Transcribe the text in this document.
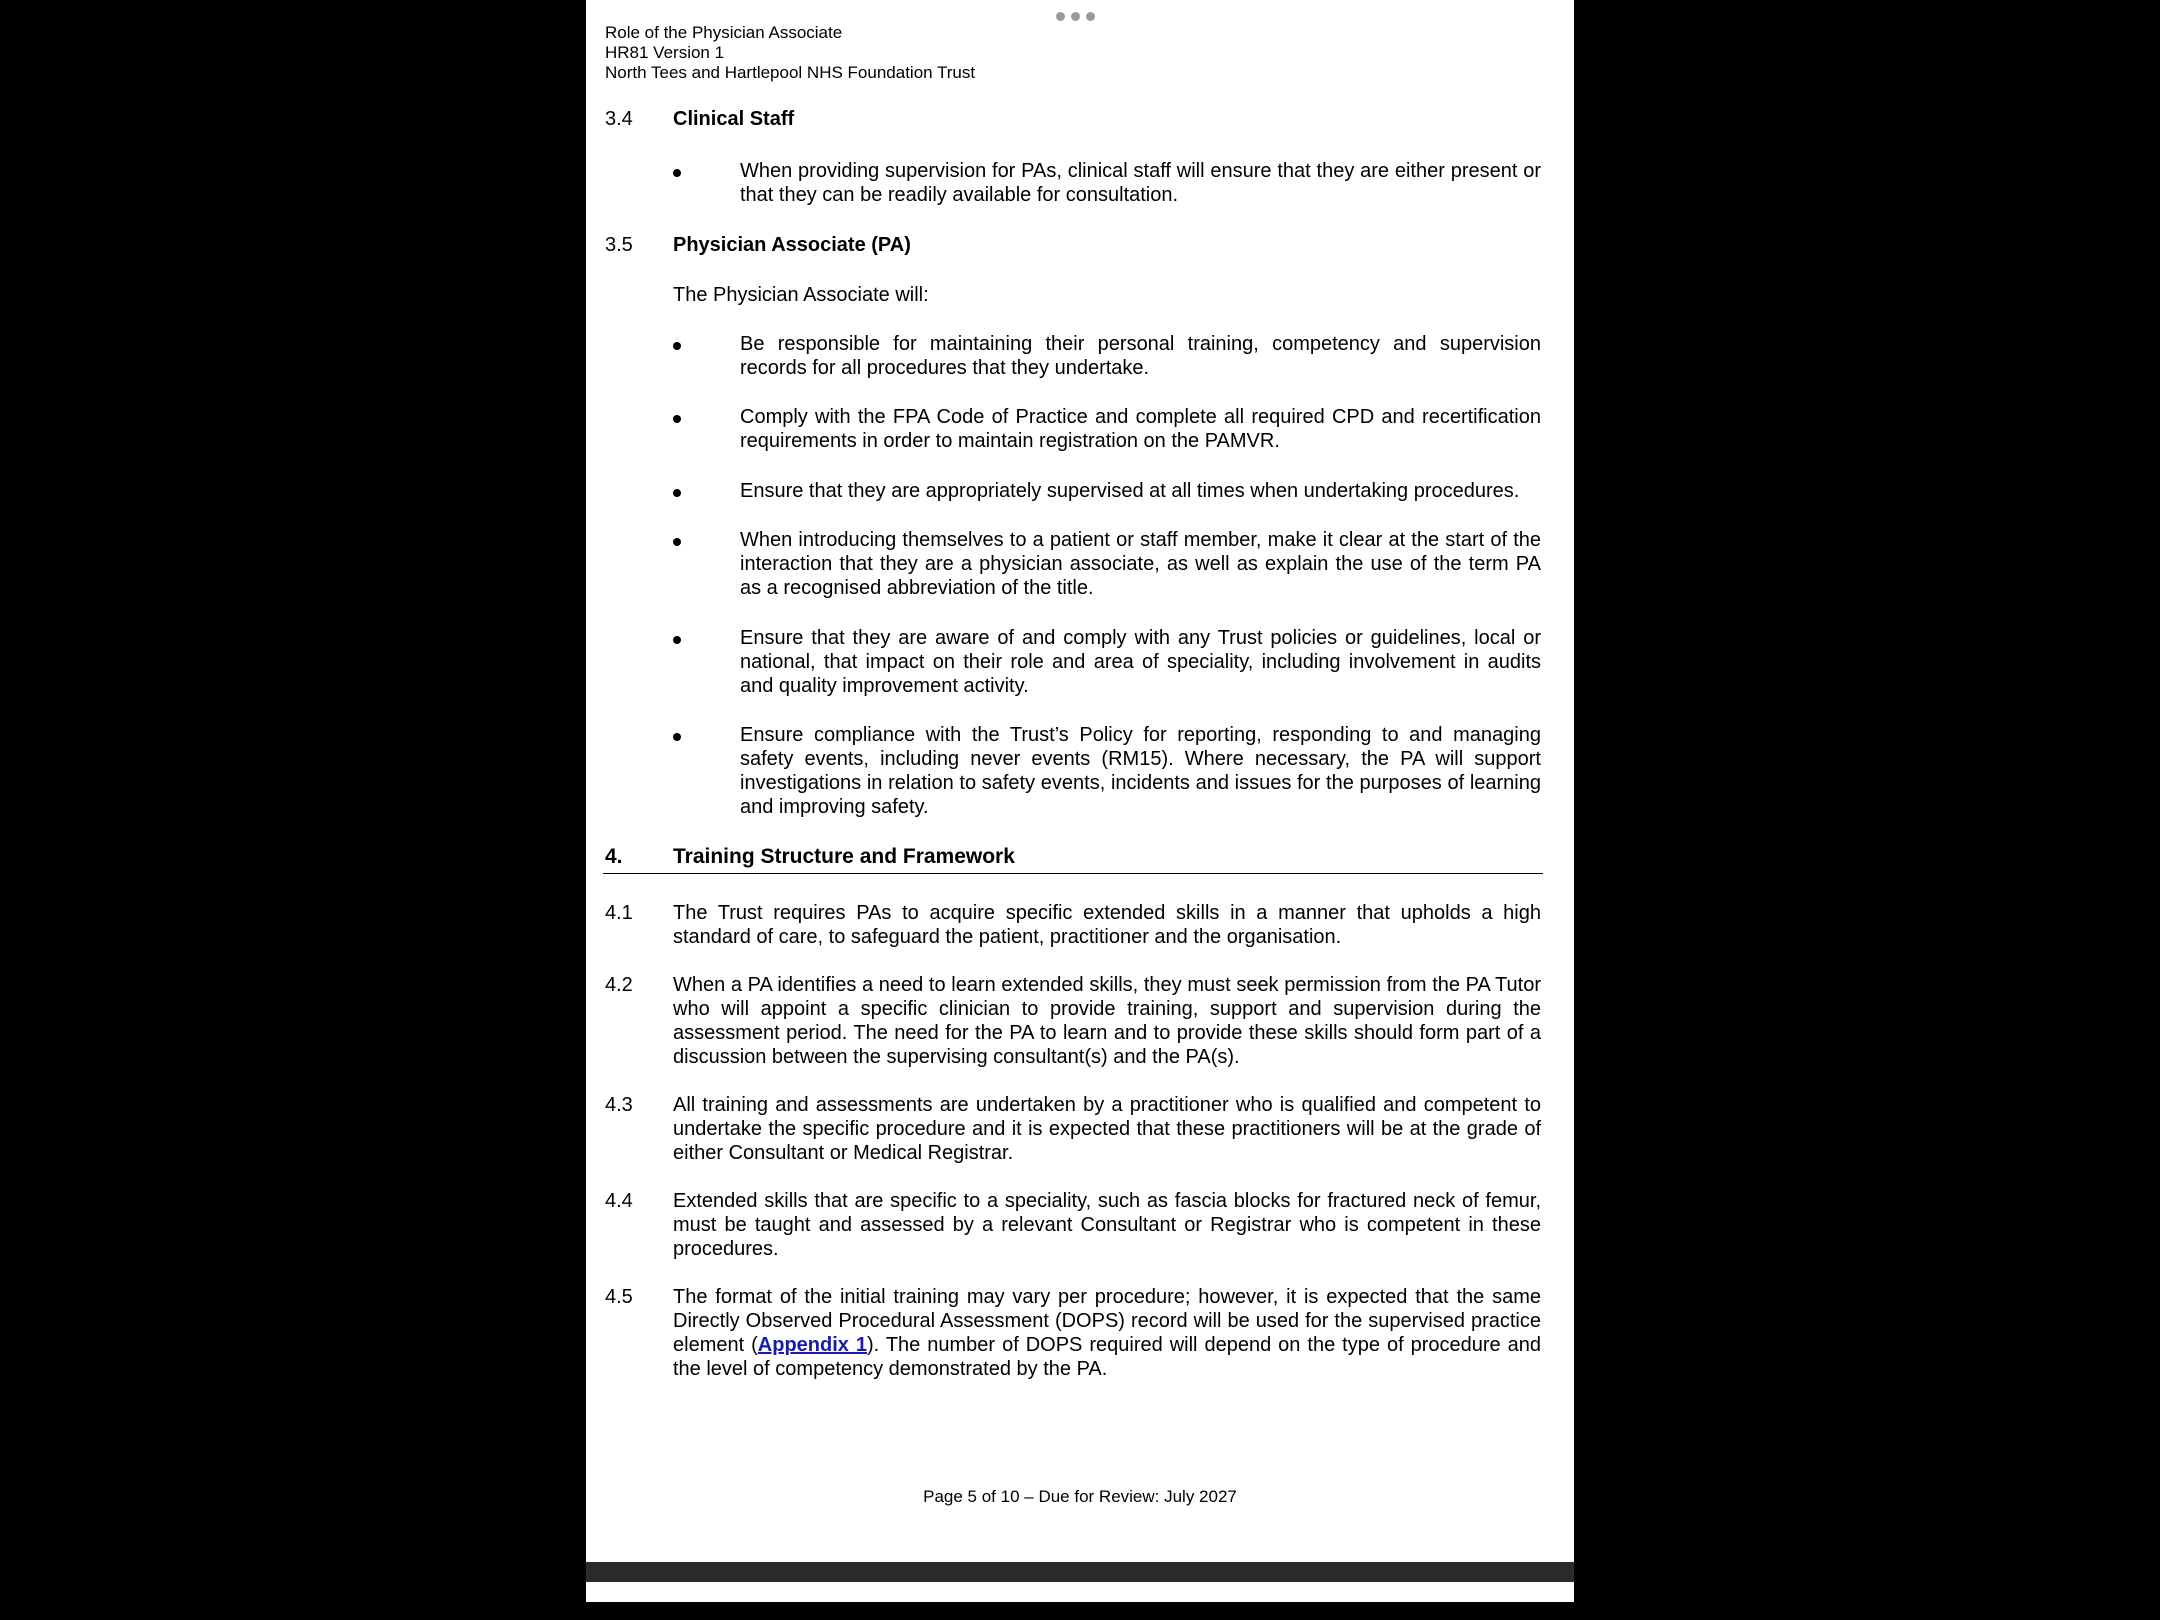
Role of the Physician Associate
HR81 Version 1
North Tees and Hartlepool NHS Foundation Trust
3.4 Clinical Staff
When providing supervision for PAs, clinical staff will ensure that they are either present or that they can be readily available for consultation.
3.5 Physician Associate (PA)
The Physician Associate will:
Be responsible for maintaining their personal training, competency and supervision records for all procedures that they undertake.
Comply with the FPA Code of Practice and complete all required CPD and recertification requirements in order to maintain registration on the PAMVR.
Ensure that they are appropriately supervised at all times when undertaking procedures.
When introducing themselves to a patient or staff member, make it clear at the start of the interaction that they are a physician associate, as well as explain the use of the term PA as a recognised abbreviation of the title.
Ensure that they are aware of and comply with any Trust policies or guidelines, local or national, that impact on their role and area of speciality, including involvement in audits and quality improvement activity.
Ensure compliance with the Trust’s Policy for reporting, responding to and managing safety events, including never events (RM15). Where necessary, the PA will support investigations in relation to safety events, incidents and issues for the purposes of learning and improving safety.
4. Training Structure and Framework
4.1 The Trust requires PAs to acquire specific extended skills in a manner that upholds a high standard of care, to safeguard the patient, practitioner and the organisation.
4.2 When a PA identifies a need to learn extended skills, they must seek permission from the PA Tutor who will appoint a specific clinician to provide training, support and supervision during the assessment period. The need for the PA to learn and to provide these skills should form part of a discussion between the supervising consultant(s) and the PA(s).
4.3 All training and assessments are undertaken by a practitioner who is qualified and competent to undertake the specific procedure and it is expected that these practitioners will be at the grade of either Consultant or Medical Registrar.
4.4 Extended skills that are specific to a speciality, such as fascia blocks for fractured neck of femur, must be taught and assessed by a relevant Consultant or Registrar who is competent in these procedures.
4.5 The format of the initial training may vary per procedure; however, it is expected that the same Directly Observed Procedural Assessment (DOPS) record will be used for the supervised practice element (Appendix 1). The number of DOPS required will depend on the type of procedure and the level of competency demonstrated by the PA.
Page 5 of 10 – Due for Review: July 2027
